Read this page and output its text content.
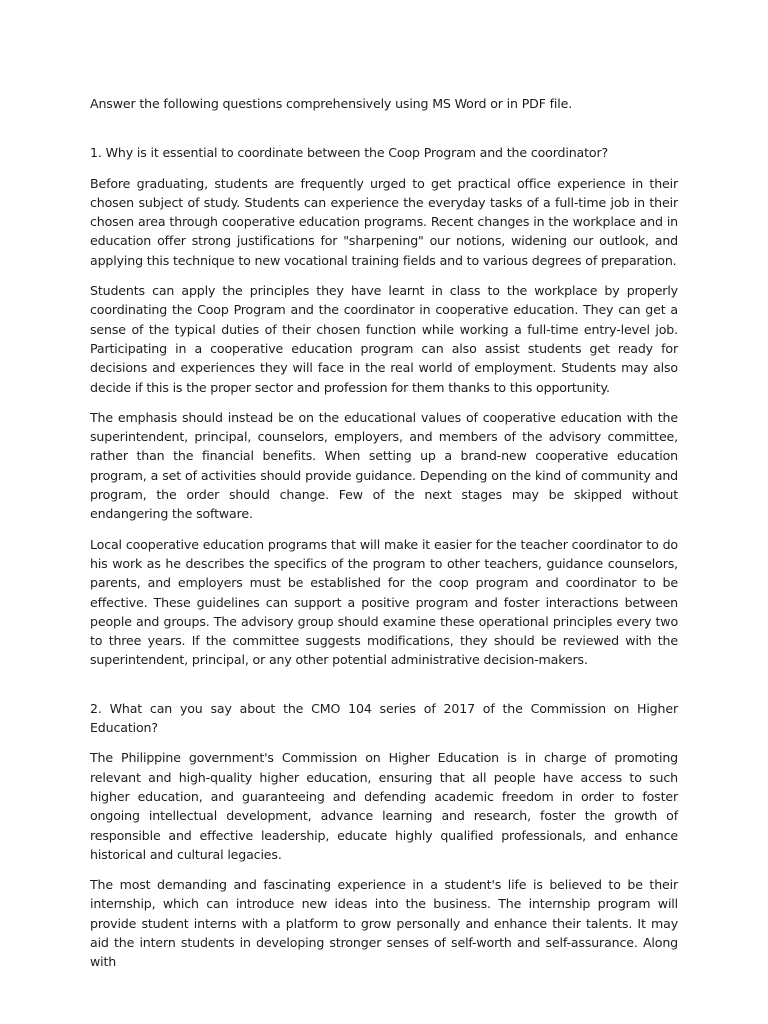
Answer the following questions comprehensively using MS Word or in PDF file.

1. Why is it essential to coordinate between the Coop Program and the coordinator?

Before graduating, students are frequently urged to get practical office experience in their chosen subject of study. Students can experience the everyday tasks of a full-time job in their chosen area through cooperative education programs. Recent changes in the workplace and in education offer strong justifications for "sharpening" our notions, widening our outlook, and applying this technique to new vocational training fields and to various degrees of preparation.

Students can apply the principles they have learnt in class to the workplace by properly coordinating the Coop Program and the coordinator in cooperative education. They can get a sense of the typical duties of their chosen function while working a full-time entry-level job. Participating in a cooperative education program can also assist students get ready for decisions and experiences they will face in the real world of employment. Students may also decide if this is the proper sector and profession for them thanks to this opportunity.

The emphasis should instead be on the educational values of cooperative education with the superintendent, principal, counselors, employers, and members of the advisory committee, rather than the financial benefits. When setting up a brand-new cooperative education program, a set of activities should provide guidance. Depending on the kind of community and program, the order should change. Few of the next stages may be skipped without endangering the software.

Local cooperative education programs that will make it easier for the teacher coordinator to do his work as he describes the specifics of the program to other teachers, guidance counselors, parents, and employers must be established for the coop program and coordinator to be effective. These guidelines can support a positive program and foster interactions between people and groups. The advisory group should examine these operational principles every two to three years. If the committee suggests modifications, they should be reviewed with the superintendent, principal, or any other potential administrative decision-makers.

2. What can you say about the CMO 104 series of 2017 of the Commission on Higher Education?

The Philippine government's Commission on Higher Education is in charge of promoting relevant and high-quality higher education, ensuring that all people have access to such higher education, and guaranteeing and defending academic freedom in order to foster ongoing intellectual development, advance learning and research, foster the growth of responsible and effective leadership, educate highly qualified professionals, and enhance historical and cultural legacies.

The most demanding and fascinating experience in a student's life is believed to be their internship, which can introduce new ideas into the business. The internship program will provide student interns with a platform to grow personally and enhance their talents. It may aid the intern students in developing stronger senses of self-worth and self-assurance. Along with
